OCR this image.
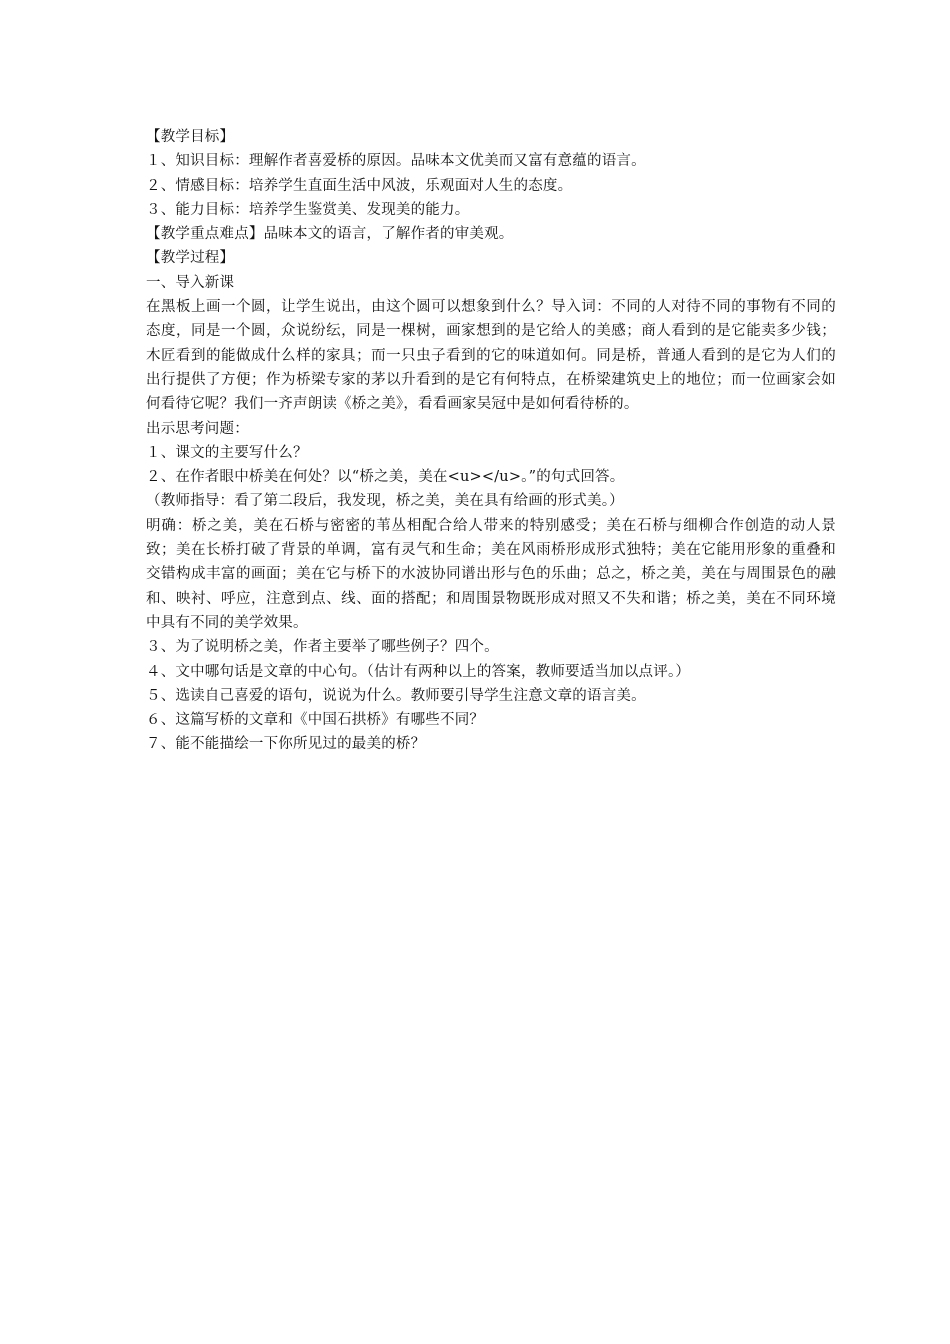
【教学目标】
１、知识目标：理解作者喜爱桥的原因。品味本文优美而又富有意蕴的语言。
２、情感目标：培养学生直面生活中风波，乐观面对人生的态度。
３、能力目标：培养学生鉴赏美、发现美的能力。
【教学重点难点】品味本文的语言，了解作者的审美观。
【教学过程】
一、导入新课
在黑板上画一个圆，让学生说出，由这个圆可以想象到什么？导入词：不同的人对待不同的事物有不同的态度，同是一个圆，众说纷纭，同是一棵树，画家想到的是它给人的美感；商人看到的是它能卖多少钱；木匠看到的能做成什么样的家具；而一只虫子看到的它的味道如何。同是桥，普通人看到的是它为人们的出行提供了方便；作为桥梁专家的茅以升看到的是它有何特点，在桥梁建筑史上的地位；而一位画家会如何看待它呢？我们一齐声朗读《桥之美》，看看画家吴冠中是如何看待桥的。
出示思考问题：
１、课文的主要写什么？
２、在作者眼中桥美在何处？以“桥之美，美在<u></u>。”的句式回答。
（教师指导：看了第二段后，我发现，桥之美，美在具有给画的形式美。）
明确：桥之美，美在石桥与密密的苇丛相配合给人带来的特别感受；美在石桥与细柳合作创造的动人景致；美在长桥打破了背景的单调，富有灵气和生命；美在风雨桥形成形式独特；美在它能用形象的重叠和交错构成丰富的画面；美在它与桥下的水波协同谱出形与色的乐曲；总之，桥之美，美在与周围景色的融和、映衬、呼应，注意到点、线、面的搭配；和周围景物既形成对照又不失和谐；桥之美，美在不同环境中具有不同的美学效果。
３、为了说明桥之美，作者主要举了哪些例子？四个。
４、文中哪句话是文章的中心句。（估计有两种以上的答案，教师要适当加以点评。）
５、选读自己喜爱的语句，说说为什么。教师要引导学生注意文章的语言美。
６、这篇写桥的文章和《中国石拱桥》有哪些不同？
７、能不能描绘一下你所见过的最美的桥？
